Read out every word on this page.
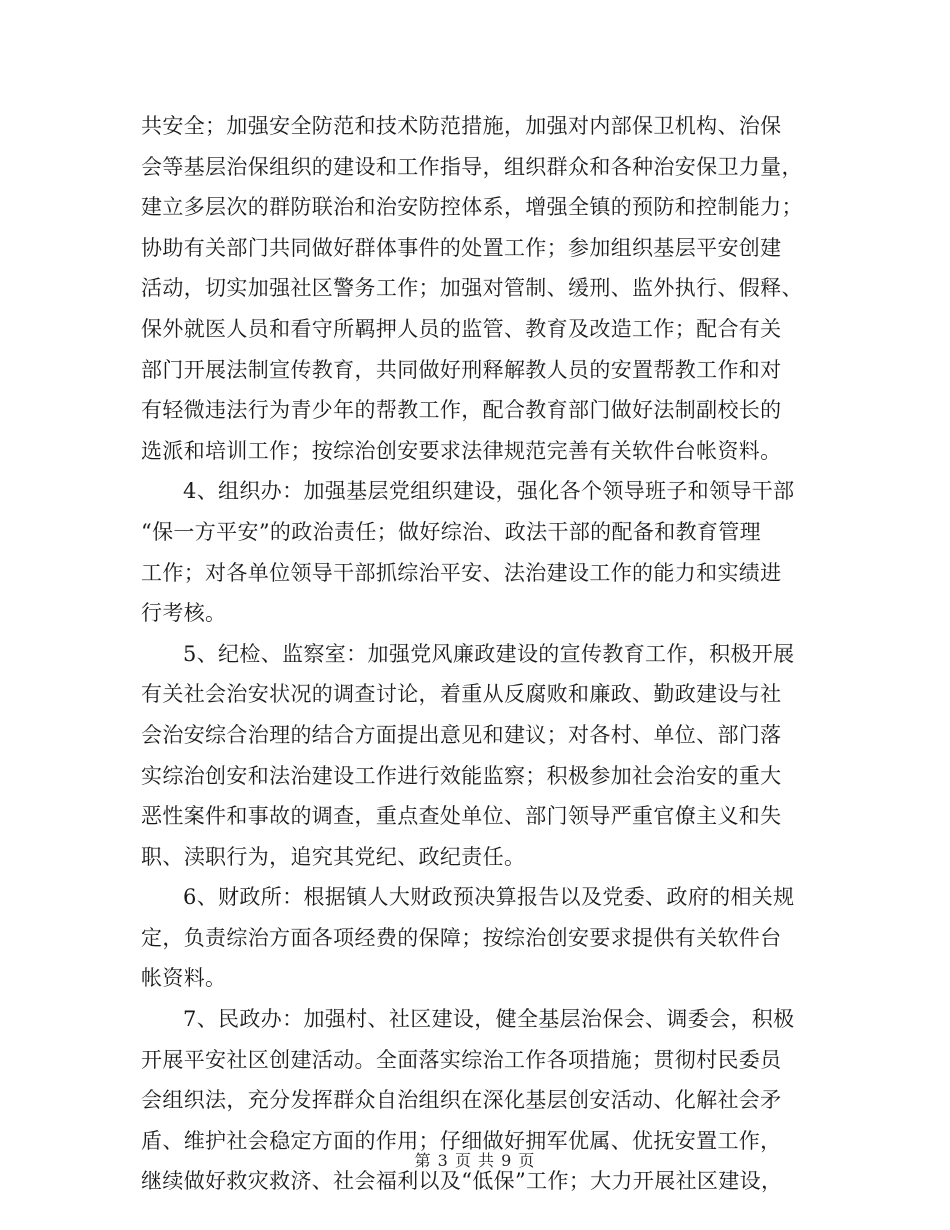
共安全；加强安全防范和技术防范措施，加强对内部保卫机构、治保
会等基层治保组织的建设和工作指导，组织群众和各种治安保卫力量，
建立多层次的群防联治和治安防控体系，增强全镇的预防和控制能力；
协助有关部门共同做好群体事件的处置工作；参加组织基层平安创建
活动，切实加强社区警务工作；加强对管制、缓刑、监外执行、假释、
保外就医人员和看守所羁押人员的监管、教育及改造工作；配合有关
部门开展法制宣传教育，共同做好刑释解教人员的安置帮教工作和对
有轻微违法行为青少年的帮教工作，配合教育部门做好法制副校长的
选派和培训工作；按综治创安要求法律规范完善有关软件台帐资料。
4、组织办：加强基层党组织建设，强化各个领导班子和领导干部
“保一方平安”的政治责任；做好综治、政法干部的配备和教育管理
工作；对各单位领导干部抓综治平安、法治建设工作的能力和实绩进
行考核。
5、纪检、监察室：加强党风廉政建设的宣传教育工作，积极开展
有关社会治安状况的调查讨论，着重从反腐败和廉政、勤政建设与社
会治安综合治理的结合方面提出意见和建议；对各村、单位、部门落
实综治创安和法治建设工作进行效能监察；积极参加社会治安的重大
恶性案件和事故的调查，重点查处单位、部门领导严重官僚主义和失
职、渎职行为，追究其党纪、政纪责任。
6、财政所：根据镇人大财政预决算报告以及党委、政府的相关规
定，负责综治方面各项经费的保障；按综治创安要求提供有关软件台
帐资料。
7、民政办：加强村、社区建设，健全基层治保会、调委会，积极
开展平安社区创建活动。全面落实综治工作各项措施；贯彻村民委员
会组织法，充分发挥群众自治组织在深化基层创安活动、化解社会矛
盾、维护社会稳定方面的作用；仔细做好拥军优属、优抚安置工作，
继续做好救灾救济、社会福利以及“低保”工作；大力开展社区建设，
第 3 页 共 9 页
